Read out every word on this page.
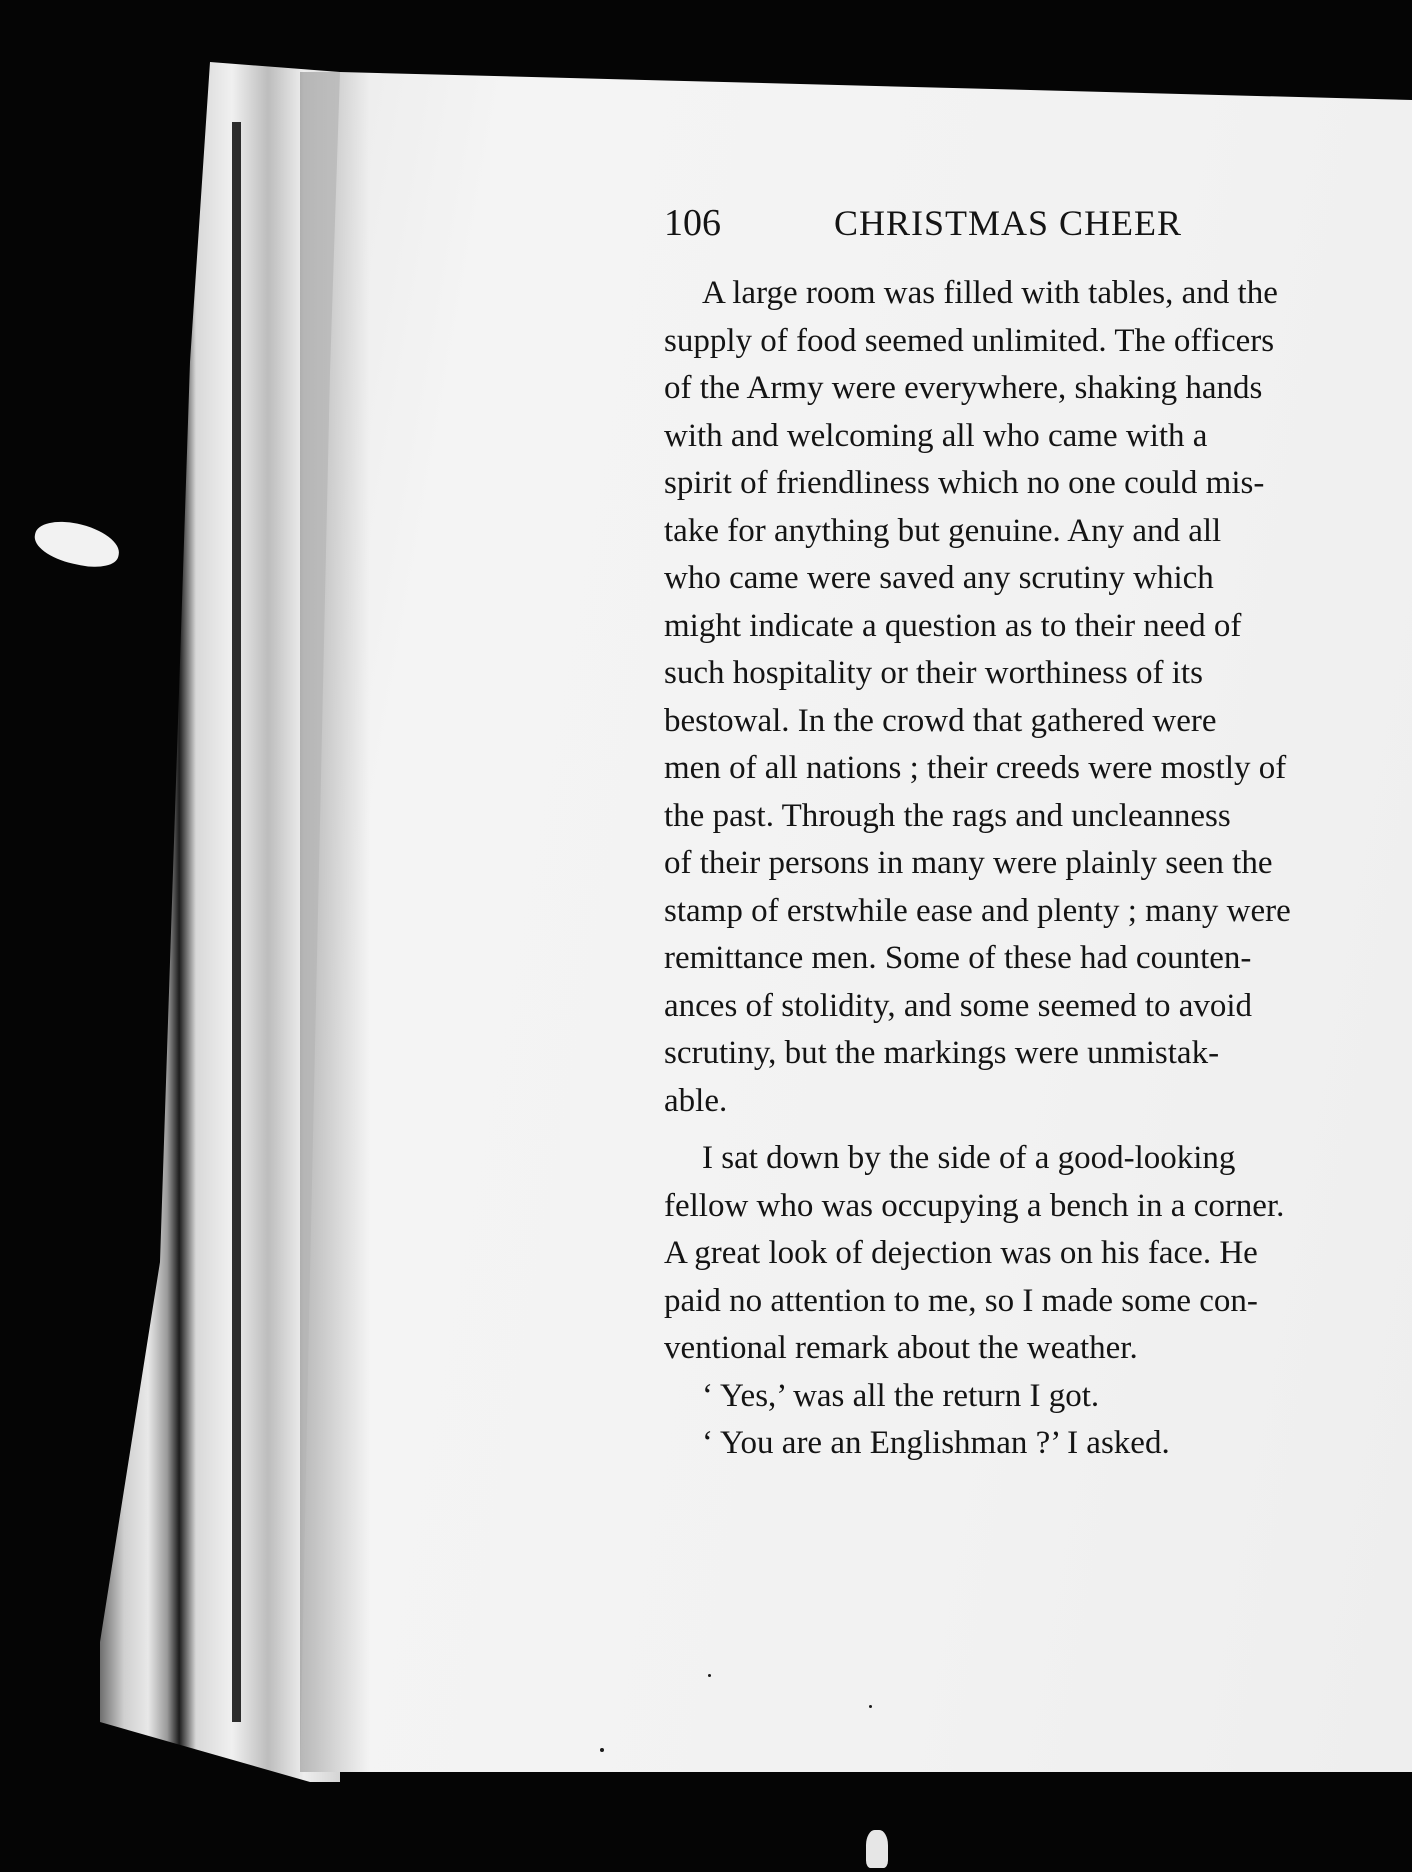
106	CHRISTMAS CHEER
A large room was filled with tables, and the
supply of food seemed unlimited. The officers
of the Army were everywhere, shaking hands
with and welcoming all who came with a
spirit of friendliness which no one could mis-
take for anything but genuine. Any and all
who came were saved any scrutiny which
might indicate a question as to their need of
such hospitality or their worthiness of its
bestowal. In the crowd that gathered were
men of all nations ; their creeds were mostly of
the past. Through the rags and uncleanness
of their persons in many were plainly seen the
stamp of erstwhile ease and plenty ; many were
remittance men. Some of these had counten-
ances of stolidity, and some seemed to avoid
scrutiny, but the markings were unmistak-
able.
I sat down by the side of a good-looking
fellow who was occupying a bench in a corner.
A great look of dejection was on his face. He
paid no attention to me, so I made some con-
ventional remark about the weather.
‘ Yes,’ was all the return I got.
‘ You are an Englishman ?’ I asked.
